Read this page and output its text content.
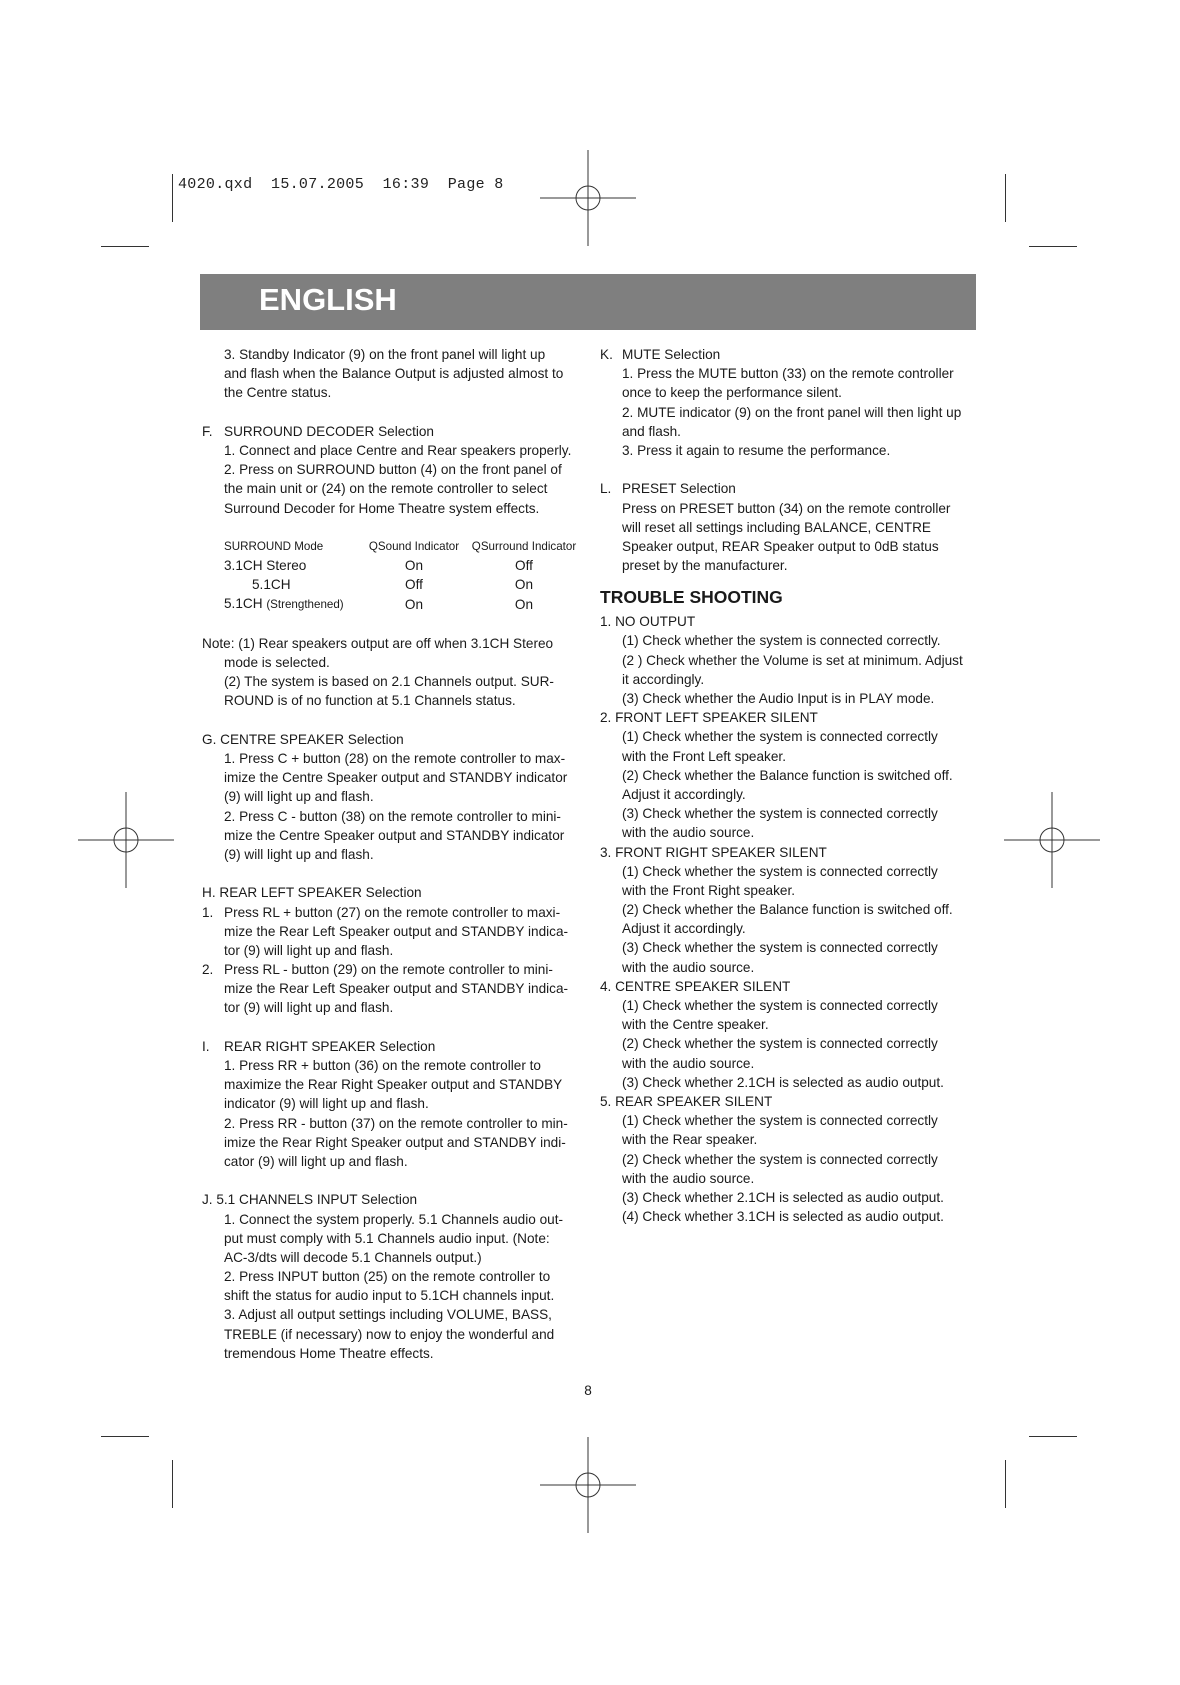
4020.qxd  15.07.2005  16:39  Page 8
ENGLISH
3. Standby Indicator (9) on the front panel will light up
and flash when the Balance Output is adjusted almost to
the Centre status.
F. SURROUND DECODER Selection
1. Connect and place Centre and Rear speakers properly.
2. Press on SURROUND button (4) on the front panel of
the main unit or (24) on the remote controller to select
Surround Decoder for Home Theatre system effects.
SURROUND Mode	QSound Indicator	QSurround Indicator
3.1CH Stereo	On	Off
5.1CH	Off	On
5.1CH (Strengthened)	On	On
Note: (1) Rear speakers output are off when 3.1CH Stereo
mode is selected.
(2) The system is based on 2.1 Channels output. SUR-
ROUND is of no function at 5.1 Channels status.
G. CENTRE SPEAKER Selection
1. Press C + button (28) on the remote controller to max-
imize the Centre Speaker output and STANDBY indicator
(9) will light up and flash.
2. Press C - button (38) on the remote controller to mini-
mize the Centre Speaker output and STANDBY indicator
(9) will light up and flash.
H. REAR LEFT SPEAKER Selection
1. Press RL + button (27) on the remote controller to maxi-
mize the Rear Left Speaker output and STANDBY indica-
tor (9) will light up and flash.
2. Press RL - button (29) on the remote controller to mini-
mize the Rear Left Speaker output and STANDBY indica-
tor (9) will light up and flash.
I. REAR RIGHT SPEAKER Selection
1. Press RR + button (36) on the remote controller to
maximize the Rear Right Speaker output and STANDBY
indicator (9) will light up and flash.
2. Press RR - button (37) on the remote controller to min-
imize the Rear Right Speaker output and STANDBY indi-
cator (9) will light up and flash.
J. 5.1 CHANNELS INPUT Selection
1. Connect the system properly. 5.1 Channels audio out-
put must comply with 5.1 Channels audio input. (Note:
AC-3/dts will decode 5.1 Channels output.)
2. Press INPUT button (25) on the remote controller to
shift the status for audio input to 5.1CH channels input.
3. Adjust all output settings including VOLUME, BASS,
TREBLE (if necessary) now to enjoy the wonderful and
tremendous Home Theatre effects.
K. MUTE Selection
1. Press the MUTE button (33) on the remote controller
once to keep the performance silent.
2. MUTE indicator (9) on the front panel will then light up
and flash.
3. Press it again to resume the performance.
L. PRESET Selection
Press on PRESET button (34) on the remote controller
will reset all settings including BALANCE, CENTRE
Speaker output, REAR Speaker output to 0dB status
preset by the manufacturer.
TROUBLE SHOOTING
1. NO OUTPUT
(1) Check whether the system is connected correctly.
(2 ) Check whether the Volume is set at minimum. Adjust
it accordingly.
(3) Check whether the Audio Input is in PLAY mode.
2. FRONT LEFT SPEAKER SILENT
(1) Check whether the system is connected correctly
with the Front Left speaker.
(2) Check whether the Balance function is switched off.
Adjust it accordingly.
(3) Check whether the system is connected correctly
with the audio source.
3. FRONT RIGHT SPEAKER SILENT
(1) Check whether the system is connected correctly
with the Front Right speaker.
(2) Check whether the Balance function is switched off.
Adjust it accordingly.
(3) Check whether the system is connected correctly
with the audio source.
4. CENTRE SPEAKER SILENT
(1) Check whether the system is connected correctly
with the Centre speaker.
(2) Check whether the system is connected correctly
with the audio source.
(3) Check whether 2.1CH is selected as audio output.
5. REAR SPEAKER SILENT
(1) Check whether the system is connected correctly
with the Rear speaker.
(2) Check whether the system is connected correctly
with the audio source.
(3) Check whether 2.1CH is selected as audio output.
(4) Check whether 3.1CH is selected as audio output.
8
